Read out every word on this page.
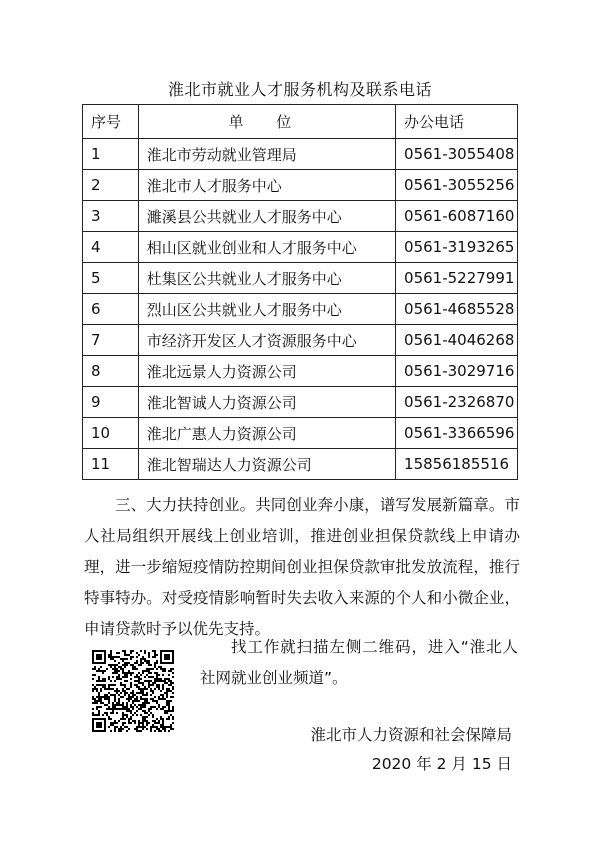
淮北市就业人才服务机构及联系电话
序号	单 位	办公电话
1	淮北市劳动就业管理局	0561-3055408
2	淮北市人才服务中心	0561-3055256
3	濉溪县公共就业人才服务中心	0561-6087160
4	相山区就业创业和人才服务中心	0561-3193265
5	杜集区公共就业人才服务中心	0561-5227991
6	烈山区公共就业人才服务中心	0561-4685528
7	市经济开发区人才资源服务中心	0561-4046268
8	淮北远景人力资源公司	0561-3029716
9	淮北智诚人力资源公司	0561-2326870
10	淮北广惠人力资源公司	0561-3366596
11	淮北智瑞达人力资源公司	15856185516
三、大力扶持创业。共同创业奔小康，谱写发展新篇章。市人社局组织开展线上创业培训，推进创业担保贷款线上申请办理，进一步缩短疫情防控期间创业担保贷款审批发放流程，推行特事特办。对受疫情影响暂时失去收入来源的个人和小微企业，申请贷款时予以优先支持。
找工作就扫描左侧二维码，进入“淮北人社网就业创业频道”。
淮北市人力资源和社会保障局
2020 年 2 月 15 日
